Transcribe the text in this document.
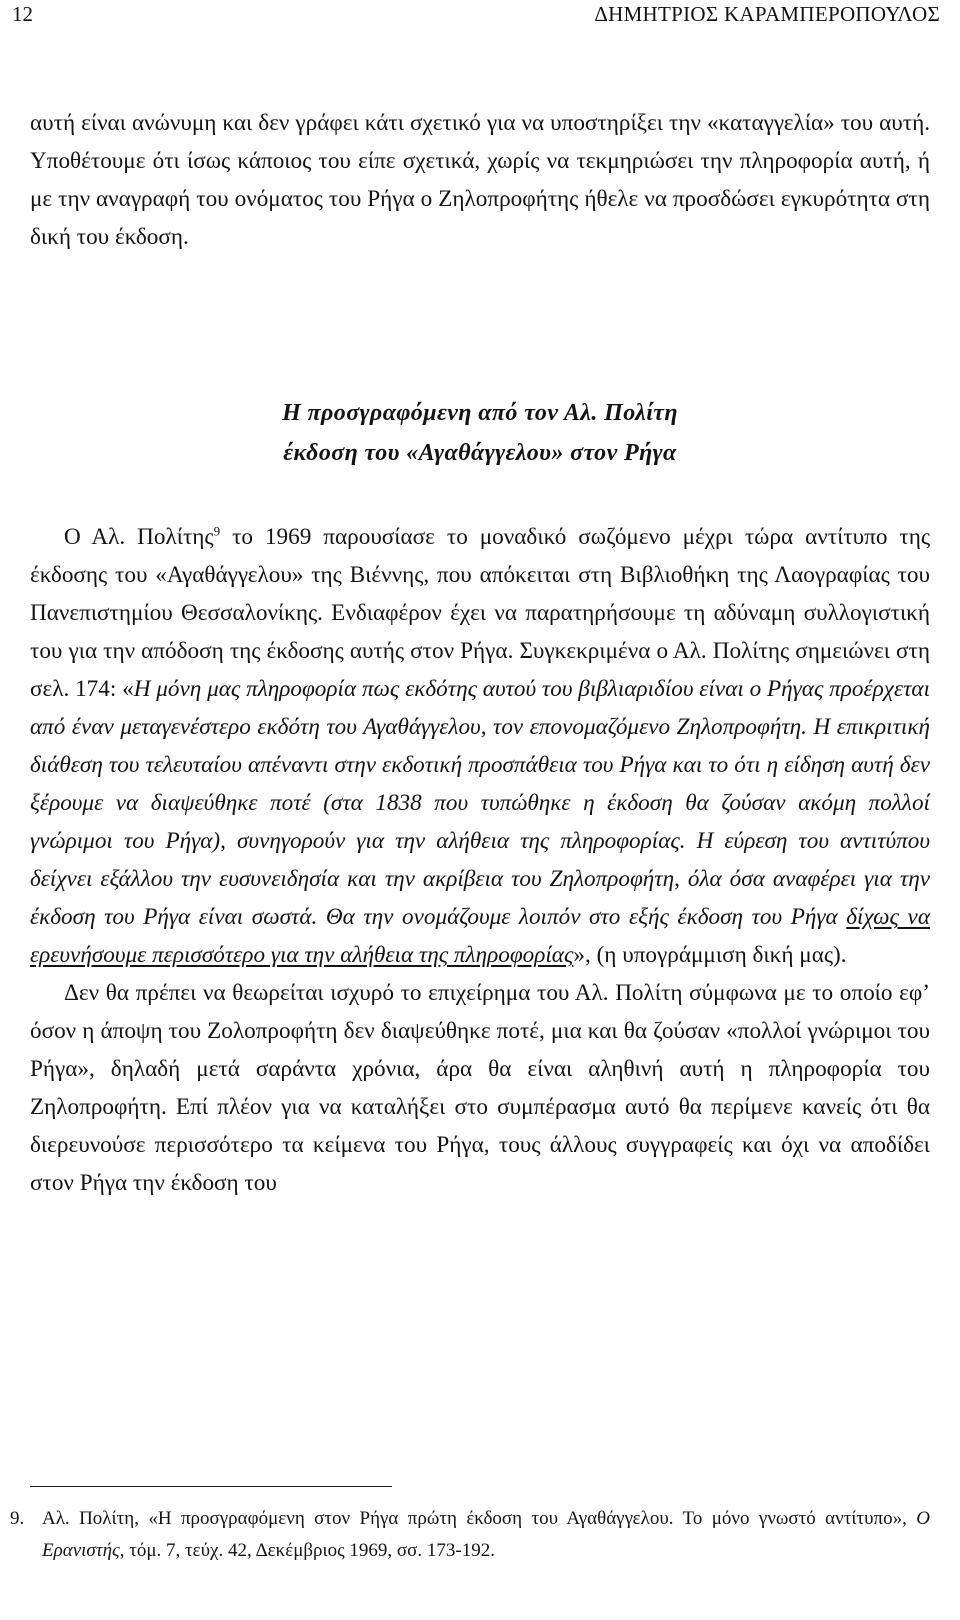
12	ΔΗΜΗΤΡΙΟΣ ΚΑΡΑΜΠΕΡΟΠΟΥΛΟΣ

αυτή είναι ανώνυμη και δεν γράφει κάτι σχετικό για να υποστηρίξει την «καταγγελία» του αυτή. Υποθέτουμε ότι ίσως κάποιος του είπε σχετικά, χωρίς να τεκμηριώσει την πληροφορία αυτή, ή με την αναγραφή του ονόματος του Ρήγα ο Ζηλοπροφήτης ήθελε να προσδώσει εγκυρότητα στη δική του έκδοση.

Η προσγραφόμενη από τον Αλ. Πολίτη
έκδοση του «Αγαθάγγελου» στον Ρήγα

Ο Αλ. Πολίτης$^9$ το 1969 παρουσίασε το μοναδικό σωζόμενο μέχρι τώρα αντίτυπο της έκδοσης του «Αγαθάγγελου» της Βιέννης, που απόκειται στη Βιβλιοθήκη της Λαογραφίας του Πανεπιστημίου Θεσσαλονίκης. Ενδιαφέρον έχει να παρατηρήσουμε τη αδύναμη συλλογιστική του για την απόδοση της έκδοσης αυτής στον Ρήγα. Συγκεκριμένα ο Αλ. Πολίτης σημειώνει στη σελ. 174: «Η μόνη μας πληροφορία πως εκδότης αυτού του βιβλιαριδίου είναι ο Ρήγας προέρχεται από έναν μεταγενέστερο εκδότη του Αγαθάγγελου, τον επονομαζόμενο Ζηλοπροφήτη. Η επικριτική διάθεση του τελευταίου απέναντι στην εκδοτική προσπάθεια του Ρήγα και το ότι η είδηση αυτή δεν ξέρουμε να διαψεύθηκε ποτέ (στα 1838 που τυπώθηκε η έκδοση θα ζούσαν ακόμη πολλοί γνώριμοι του Ρήγα), συνηγορούν για την αλήθεια της πληροφορίας. Η εύρεση του αντιτύπου δείχνει εξάλλου την ευσυνειδησία και την ακρίβεια του Ζηλοπροφήτη, όλα όσα αναφέρει για την έκδοση του Ρήγα είναι σωστά. Θα την ονομάζουμε λοιπόν στο εξής έκδοση του Ρήγα δίχως να ερευνήσουμε περισσότερο για την αλήθεια της πληροφορίας», (η υπογράμμιση δική μας).

Δεν θα πρέπει να θεωρείται ισχυρό το επιχείρημα του Αλ. Πολίτη σύμφωνα με το οποίο εφ’ όσον η άποψη του Ζολοπροφήτη δεν διαψεύθηκε ποτέ, μια και θα ζούσαν «πολλοί γνώριμοι του Ρήγα», δηλαδή μετά σαράντα χρόνια, άρα θα είναι αληθινή αυτή η πληροφορία του Ζηλοπροφήτη. Επί πλέον για να καταλήξει στο συμπέρασμα αυτό θα περίμενε κανείς ότι θα διερευνούσε περισσότερο τα κείμενα του Ρήγα, τους άλλους συγγραφείς και όχι να αποδίδει στον Ρήγα την έκδοση του

9. Αλ. Πολίτη, «Η προσγραφόμενη στον Ρήγα πρώτη έκδοση του Αγαθάγγελου. Το μόνο γνωστό αντίτυπο», Ο Ερανιστής, τόμ. 7, τεύχ. 42, Δεκέμβριος 1969, σσ. 173-192.
